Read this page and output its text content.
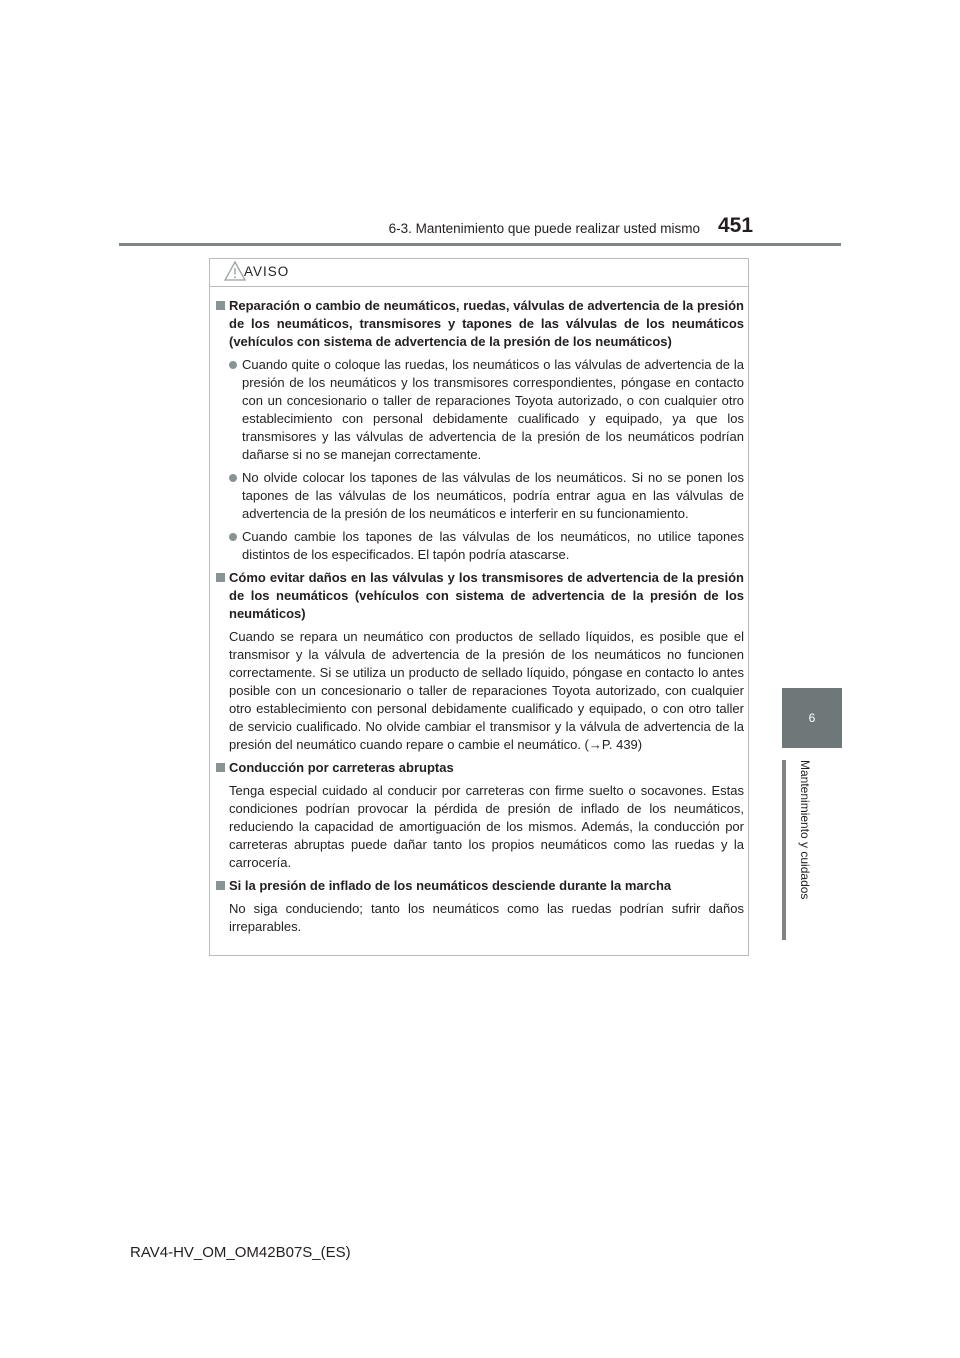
6-3. Mantenimiento que puede realizar usted mismo 451
6
Mantenimiento y cuidados
AVISO
Reparación o cambio de neumáticos, ruedas, válvulas de advertencia de la presión de los neumáticos, transmisores y tapones de las válvulas de los neumáticos (vehículos con sistema de advertencia de la presión de los neumáticos)
Cuando quite o coloque las ruedas, los neumáticos o las válvulas de advertencia de la presión de los neumáticos y los transmisores correspondientes, póngase en contacto con un concesionario o taller de reparaciones Toyota autorizado, o con cualquier otro establecimiento con personal debidamente cualificado y equipado, ya que los transmisores y las válvulas de advertencia de la presión de los neumáticos podrían dañarse si no se manejan correctamente.
No olvide colocar los tapones de las válvulas de los neumáticos. Si no se ponen los tapones de las válvulas de los neumáticos, podría entrar agua en las válvulas de advertencia de la presión de los neumáticos e interferir en su funcionamiento.
Cuando cambie los tapones de las válvulas de los neumáticos, no utilice tapones distintos de los especificados. El tapón podría atascarse.
Cómo evitar daños en las válvulas y los transmisores de advertencia de la presión de los neumáticos (vehículos con sistema de advertencia de la presión de los neumáticos)
Cuando se repara un neumático con productos de sellado líquidos, es posible que el transmisor y la válvula de advertencia de la presión de los neumáticos no funcionen correctamente. Si se utiliza un producto de sellado líquido, póngase en contacto lo antes posible con un concesionario o taller de reparaciones Toyota autorizado, con cualquier otro establecimiento con personal debidamente cualificado y equipado, o con otro taller de servicio cualificado. No olvide cambiar el transmisor y la válvula de advertencia de la presión del neumático cuando repare o cambie el neumático. (→P. 439)
Conducción por carreteras abruptas
Tenga especial cuidado al conducir por carreteras con firme suelto o socavones. Estas condiciones podrían provocar la pérdida de presión de inflado de los neumáticos, reduciendo la capacidad de amortiguación de los mismos. Además, la conducción por carreteras abruptas puede dañar tanto los propios neumáticos como las ruedas y la carrocería.
Si la presión de inflado de los neumáticos desciende durante la marcha
No siga conduciendo; tanto los neumáticos como las ruedas podrían sufrir daños irreparables.
RAV4-HV_OM_OM42B07S_(ES)
